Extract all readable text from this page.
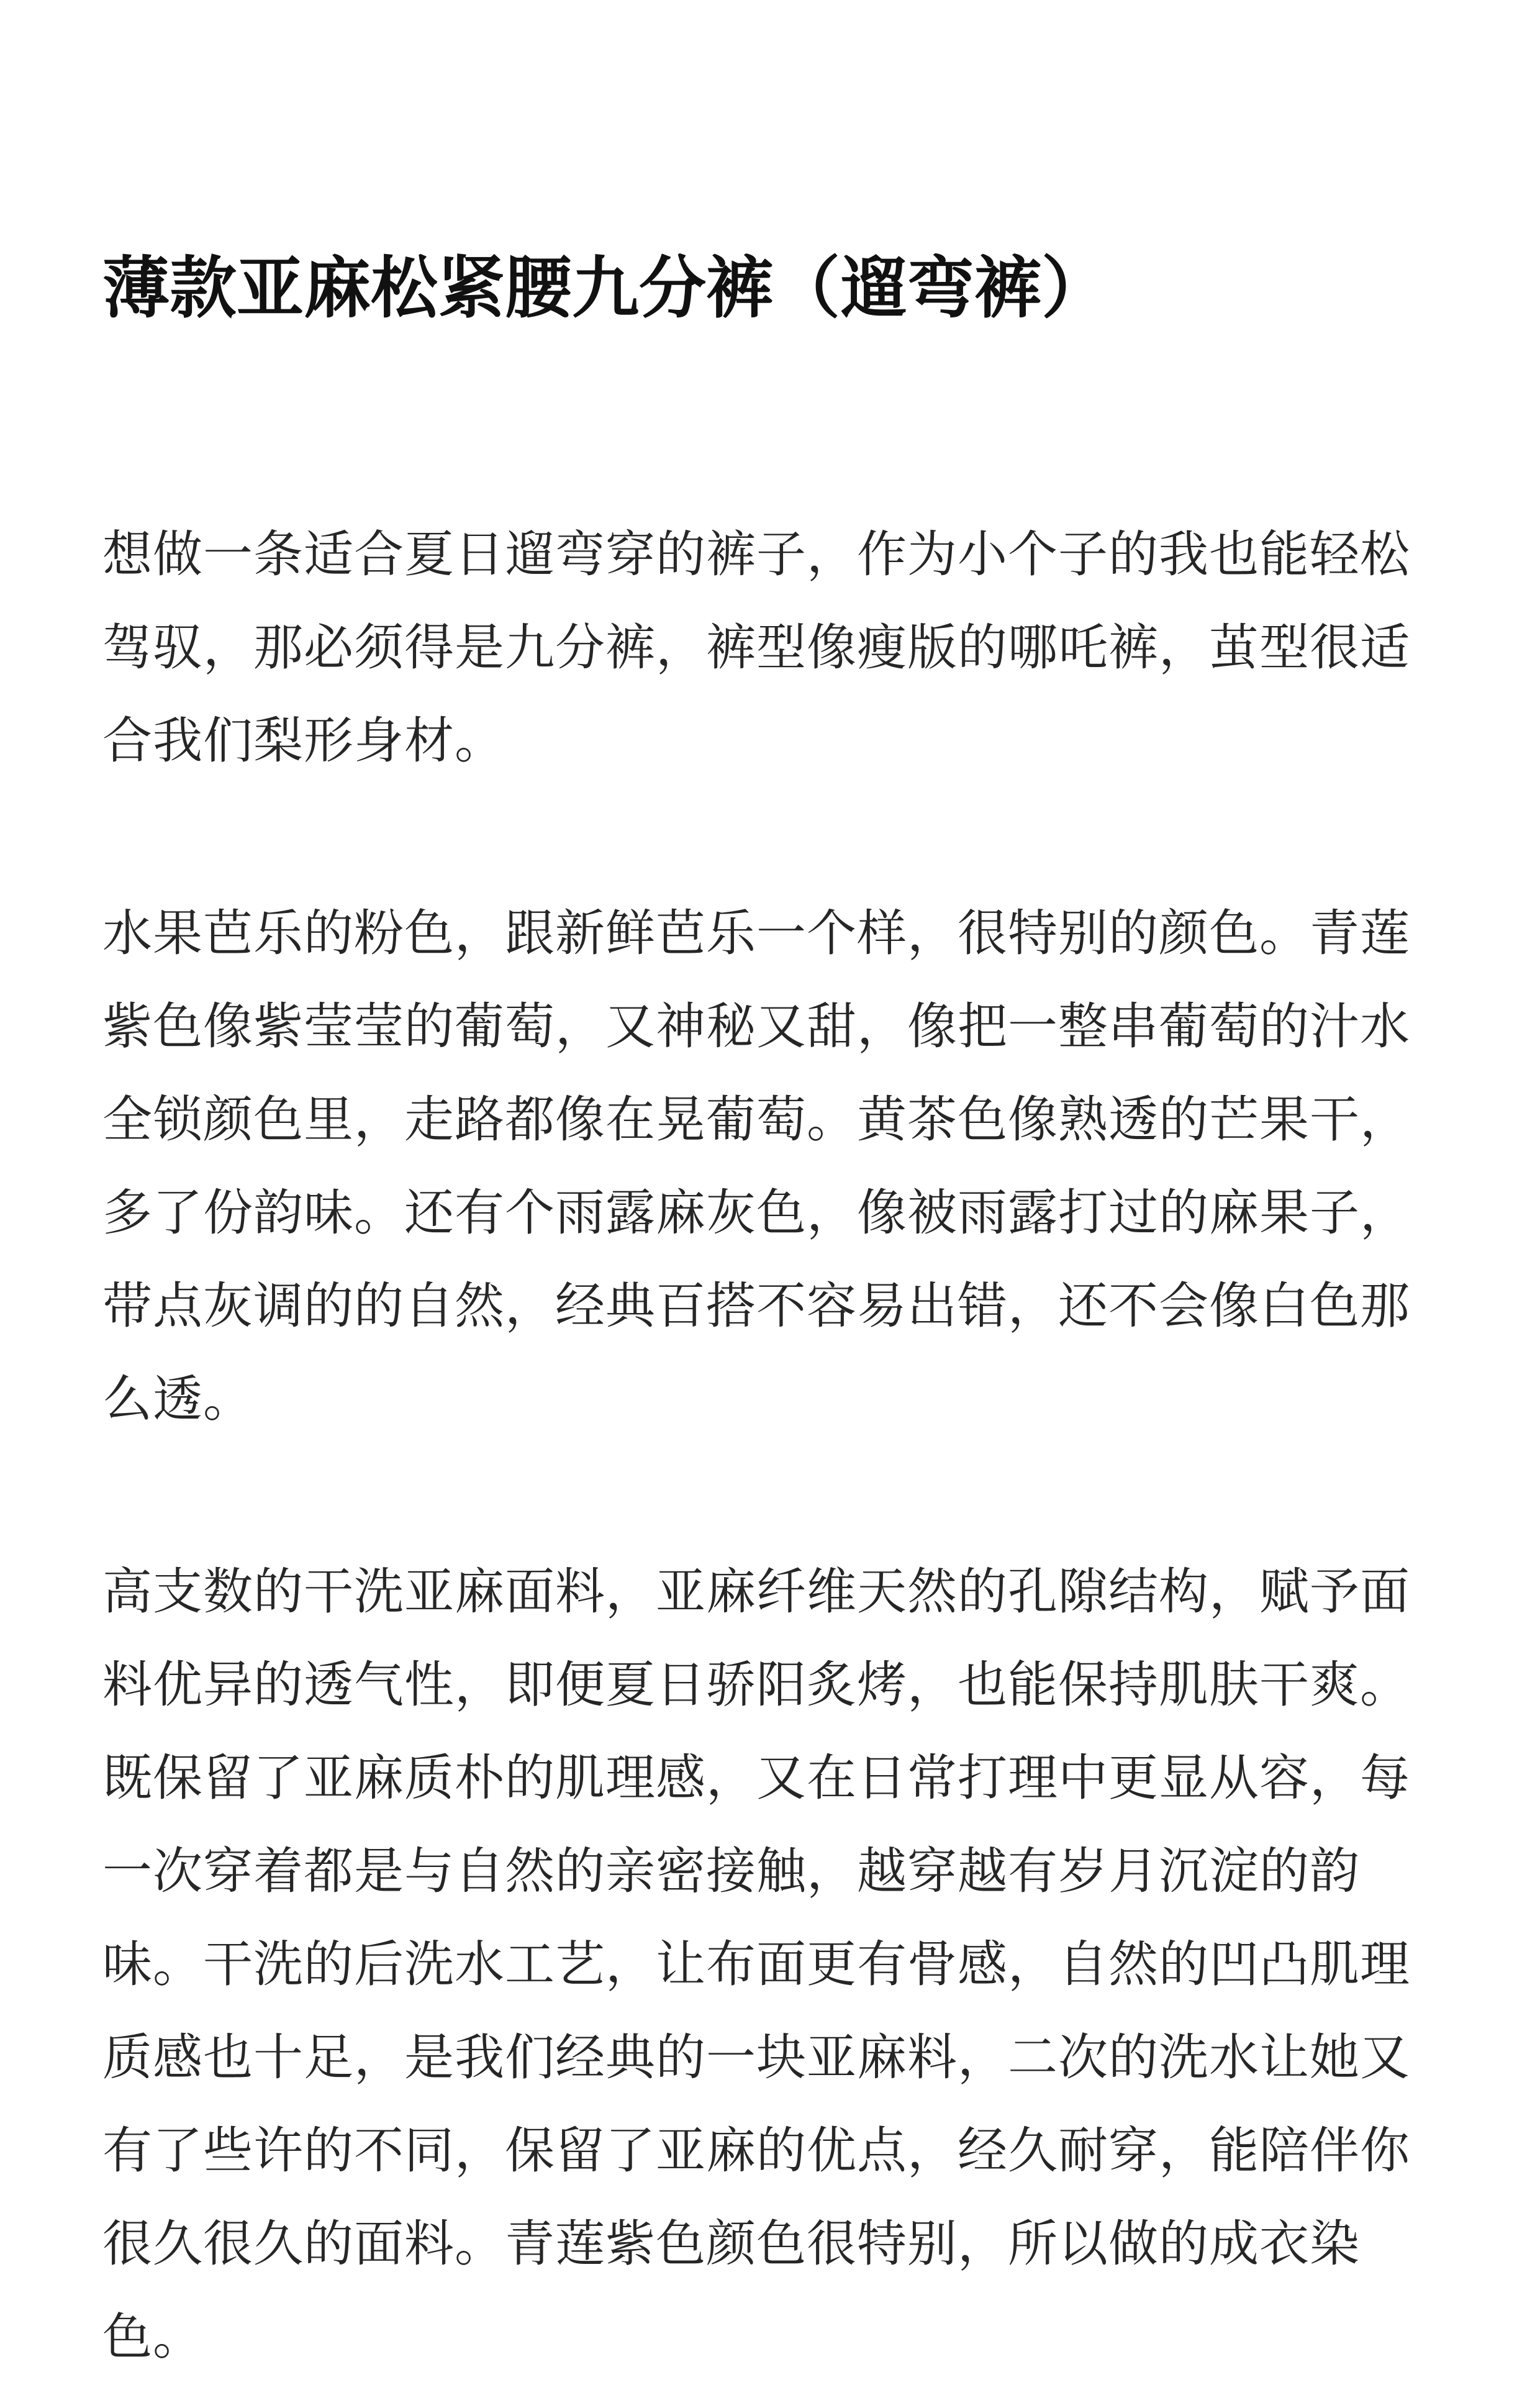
薄款亚麻松紧腰九分裤（遛弯裤）

想做一条适合夏日遛弯穿的裤子，作为小个子的我也能轻松驾驭，那必须得是九分裤，裤型像瘦版的哪吒裤，茧型很适合我们梨形身材。

水果芭乐的粉色，跟新鲜芭乐一个样，很特别的颜色。青莲紫色像紫莹莹的葡萄，又神秘又甜，像把一整串葡萄的汁水全锁颜色里，走路都像在晃葡萄。黄茶色像熟透的芒果干，多了份韵味。还有个雨露麻灰色，像被雨露打过的麻果子，带点灰调的的自然，经典百搭不容易出错，还不会像白色那么透。

高支数的干洗亚麻面料，亚麻纤维天然的孔隙结构，赋予面料优异的透气性，即便夏日骄阳炙烤，也能保持肌肤干爽。既保留了亚麻质朴的肌理感，又在日常打理中更显从容，每一次穿着都是与自然的亲密接触，越穿越有岁月沉淀的韵味。干洗的后洗水工艺，让布面更有骨感，自然的凹凸肌理质感也十足，是我们经典的一块亚麻料，二次的洗水让她又有了些许的不同，保留了亚麻的优点，经久耐穿，能陪伴你很久很久的面料。青莲紫色颜色很特别，所以做的成衣染色。
